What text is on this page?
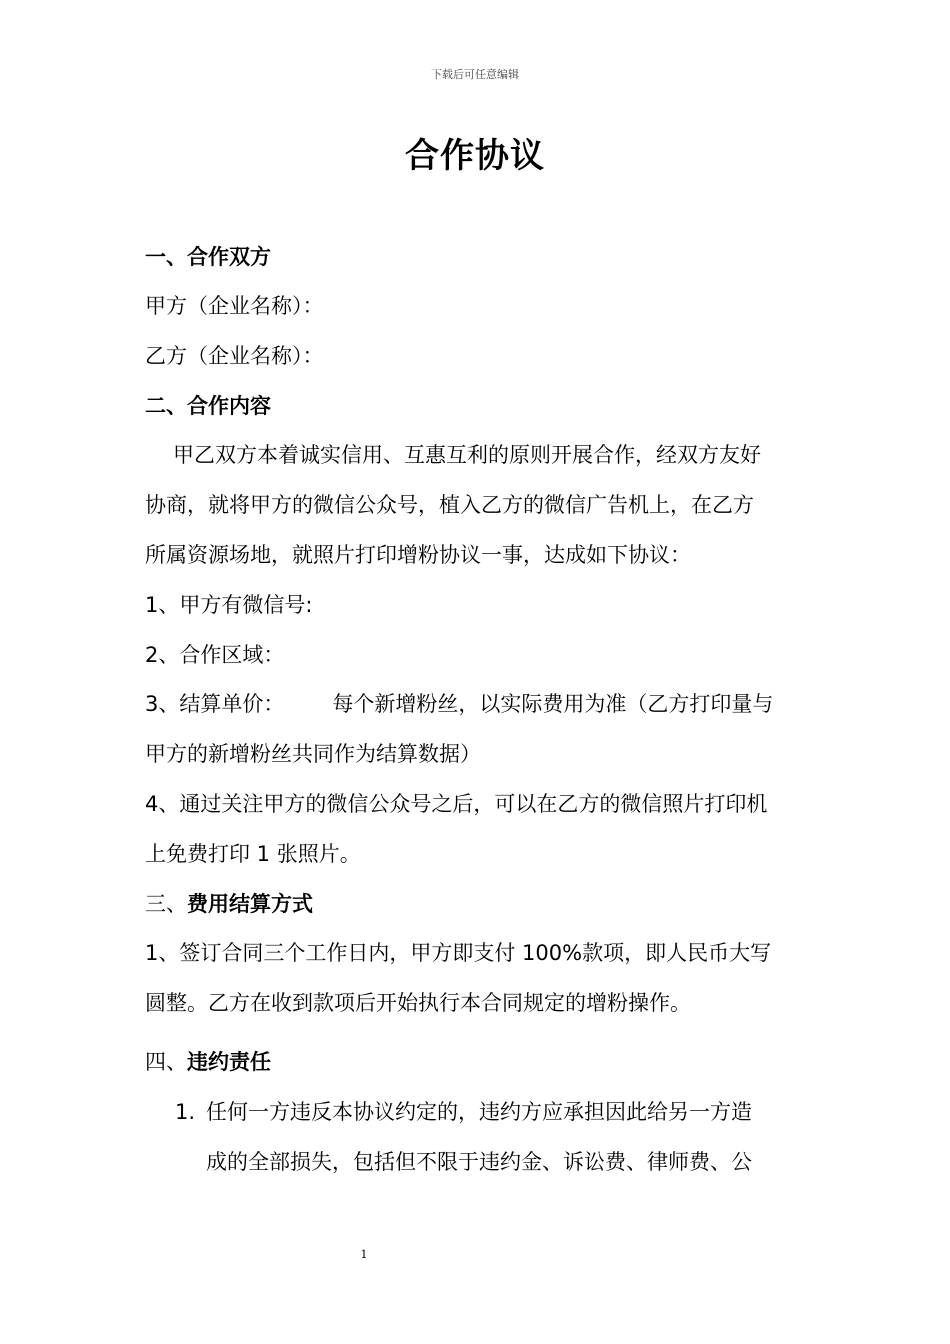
下载后可任意编辑
合作协议
一、合作双方
甲方（企业名称）：
乙方（企业名称）：
二、合作内容
甲乙双方本着诚实信用、互惠互利的原则开展合作，经双方友好
协商，就将甲方的微信公众号，植入乙方的微信广告机上，在乙方
所属资源场地，就照片打印增粉协议一事，达成如下协议：
1、甲方有微信号:
2、合作区域：
3、结算单价： 每个新增粉丝，以实际费用为准（乙方打印量与
甲方的新增粉丝共同作为结算数据）
4、通过关注甲方的微信公众号之后，可以在乙方的微信照片打印机
上免费打印 1 张照片。
三、费用结算方式
1、签订合同三个工作日内，甲方即支付 100%款项，即人民币大写
圆整。乙方在收到款项后开始执行本合同规定的增粉操作。
四、违约责任
1. 任何一方违反本协议约定的，违约方应承担因此给另一方造
成的全部损失，包括但不限于违约金、诉讼费、律师费、公
1
